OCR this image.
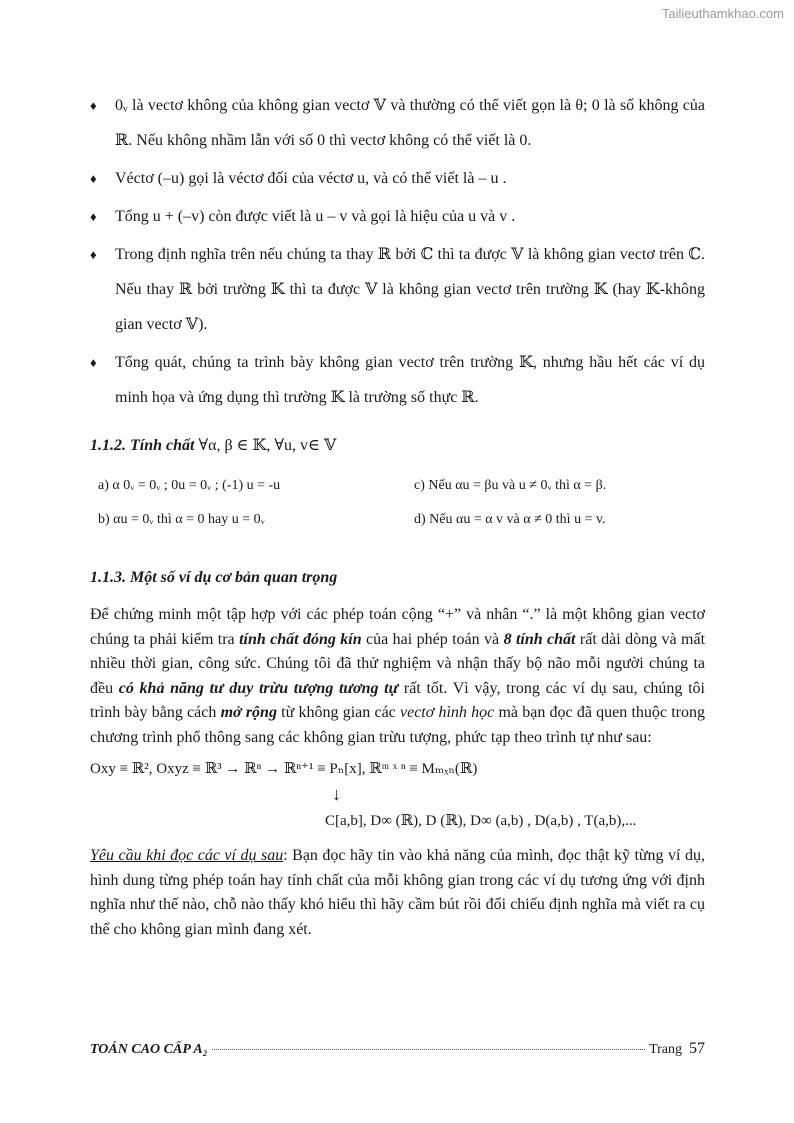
Tailieuthamkhao.com
♦ 0ᵥ là vectơ không của không gian vectơ 𝕍 và thường có thể viết gọn là θ; 0 là số không của ℝ. Nếu không nhầm lẫn với số 0 thì vectơ không có thể viết là 0.
♦ Véctơ (–u) gọi là véctơ đối của véctơ u, và có thể viết là – u .
♦ Tổng u + (–v) còn được viết là u – v và gọi là hiệu của u và v .
♦ Trong định nghĩa trên nếu chúng ta thay ℝ bởi ℂ thì ta được 𝕍 là không gian vectơ trên ℂ. Nếu thay ℝ bởi trường 𝕂 thì ta được 𝕍 là không gian vectơ trên trường 𝕂 (hay 𝕂-không gian vectơ 𝕍).
♦ Tổng quát, chúng ta trình bày không gian vectơ trên trường 𝕂, nhưng hầu hết các ví dụ minh họa và ứng dụng thì trường 𝕂 là trường số thực ℝ.
1.1.2. Tính chất ∀α, β ∈ 𝕂, ∀u, v∈ 𝕍
a) α 0ᵥ = 0ᵥ ; 0u = 0ᵥ ; (-1) u = -u	c) Nếu αu = βu và u ≠ 0ᵥ thì α = β.
b) αu = 0ᵥ thì α = 0 hay u = 0ᵥ	d) Nếu αu = α v và α ≠ 0 thì u = v.
1.1.3. Một số ví dụ cơ bản quan trọng
Để chứng minh một tập hợp với các phép toán cộng “+” và nhân “.” là một không gian vectơ chúng ta phải kiểm tra tính chất đóng kín của hai phép toán và 8 tính chất rất dài dòng và mất nhiều thời gian, công sức. Chúng tôi đã thử nghiệm và nhận thấy bộ não mỗi người chúng ta đều có khả năng tư duy trừu tượng tương tự rất tốt. Vì vậy, trong các ví dụ sau, chúng tôi trình bày bằng cách mở rộng từ không gian các vectơ hình học mà bạn đọc đã quen thuộc trong chương trình phổ thông sang các không gian trừu tượng, phức tạp theo trình tự như sau:
Oxy ≡ ℝ², Oxyz ≡ ℝ³ → ℝⁿ → ℝⁿ⁺¹ ≡ Pₙ[x], ℝᵐ ˣ ⁿ ≡ Mₘₓₙ(ℝ)
↓
C[a,b], D∞ (ℝ), D (ℝ), D∞ (a,b) , D(a,b) , T(a,b),...
Yêu cầu khi đọc các ví dụ sau: Bạn đọc hãy tin vào khả năng của mình, đọc thật kỹ từng ví dụ, hình dung từng phép toán hay tính chất của mỗi không gian trong các ví dụ tương ứng với định nghĩa như thế nào, chỗ nào thấy khó hiểu thì hãy cầm bút rồi đối chiếu định nghĩa mà viết ra cụ thể cho không gian mình đang xét.
TOÁN CAO CẤP A₂	Trang 57
